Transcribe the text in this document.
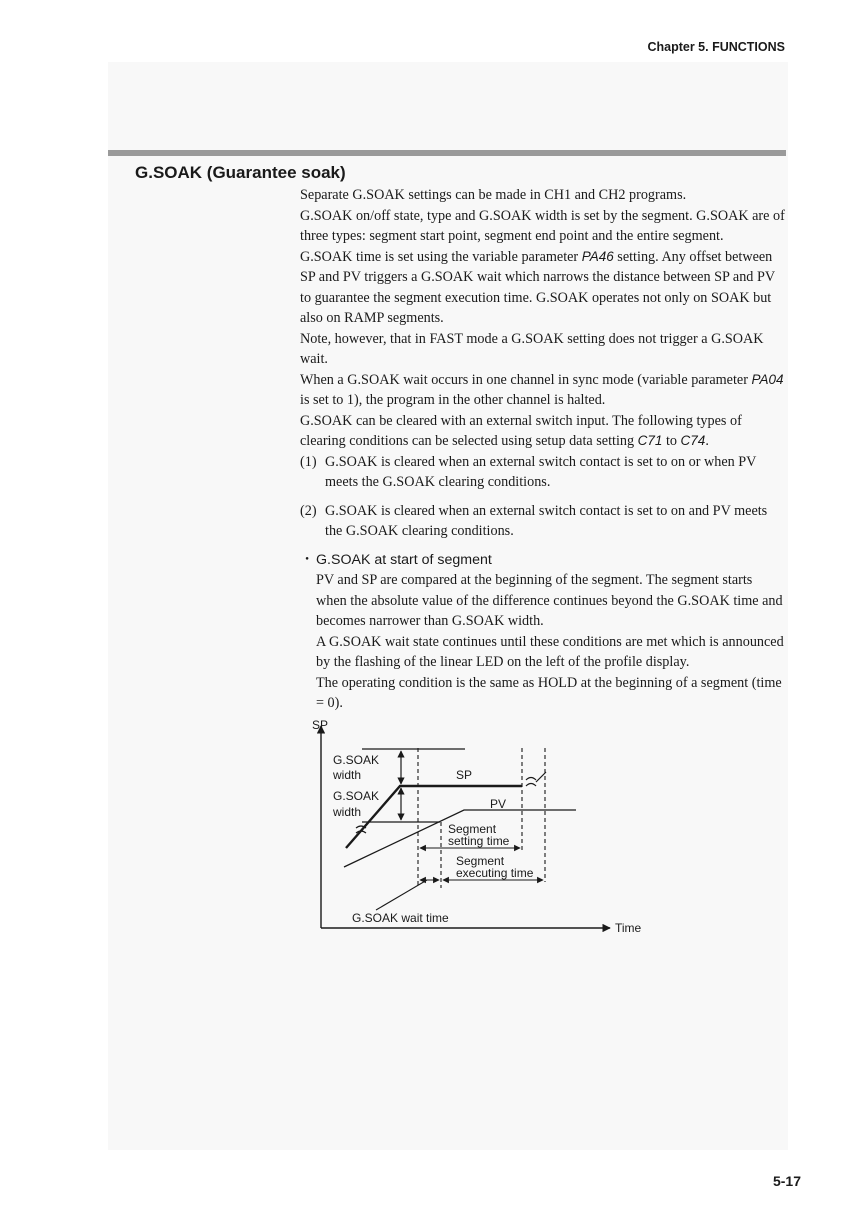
Chapter 5. FUNCTIONS
G.SOAK (Guarantee soak)

Separate G.SOAK settings can be made in CH1 and CH2 programs.

G.SOAK on/off state, type and G.SOAK width is set by the segment. G.SOAK are of three types: segment start point, segment end point and the entire segment.

G.SOAK time is set using the variable parameter PA46 setting. Any offset between SP and PV triggers a G.SOAK wait which narrows the distance between SP and PV to guarantee the segment execution time. G.SOAK operates not only on SOAK but also on RAMP segments.

Note, however, that in FAST mode a G.SOAK setting does not trigger a G.SOAK wait.

When a G.SOAK wait occurs in one channel in sync mode (variable parameter PA04 is set to 1), the program in the other channel is halted.

G.SOAK can be cleared with an external switch input. The following types of clearing conditions can be selected using setup data setting C71 to C74.

(1) G.SOAK is cleared when an external switch contact is set to on or when PV meets the G.SOAK clearing conditions.
(2) G.SOAK is cleared when an external switch contact is set to on and PV meets the G.SOAK clearing conditions.
・ G.SOAK at start of segment

PV and SP are compared at the beginning of the segment. The segment starts when the absolute value of the difference continues beyond the G.SOAK time and becomes narrower than G.SOAK width.

A G.SOAK wait state continues until these conditions are met which is announced by the flashing of the linear LED on the left of the profile display.

The operating condition is the same as HOLD at the beginning of a segment (time = 0).

SP
Time
G.SOAK
width
G.SOAK
width
SP
PV
Segment
setting time
Segment
executing time
G.SOAK wait time
5-17
